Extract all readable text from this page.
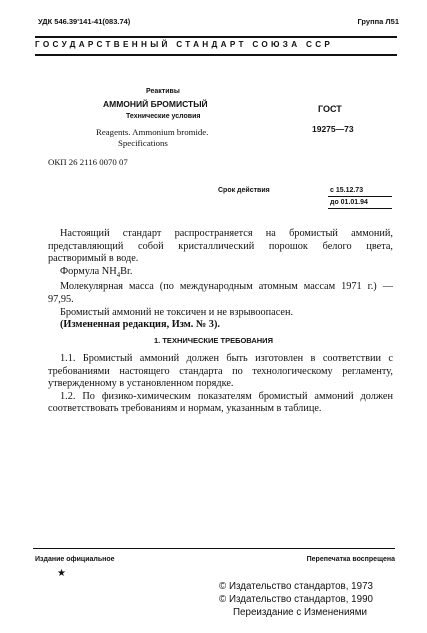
УДК 546.39'141-41(083.74)	Группа Л51
ГОСУДАРСТВЕННЫЙ СТАНДАРТ СОЮЗА ССР
Реактивы
АММОНИЙ БРОМИСТЫЙ
Технические условия
Reagents. Ammonium bromide.
Specifications
ГОСТ
19275—73
ОКП 26 2116 0070 07
Срок действия	с 15.12.73
до 01.01.94

Настоящий стандарт распространяется на бромистый аммоний, представляющий собой кристаллический порошок белого цвета, растворимый в воде.

Формула $NH_4Br$.

Молекулярная масса (по международным атомным массам 1971 г.) — 97,95.

Бромистый аммоний не токсичен и не взрывоопасен.

(Измененная редакция, Изм. № 3).

1. ТЕХНИЧЕСКИЕ ТРЕБОВАНИЯ

1.1. Бромистый аммоний должен быть изготовлен в соответствии с требованиями настоящего стандарта по технологическому регламенту, утвержденному в установленном порядке.

1.2. По физико-химическим показателям бромистый аммоний должен соответствовать требованиям и нормам, указанным в таблице.

Издание официальное	Перепечатка воспрещена
★
© Издательство стандартов, 1973
© Издательство стандартов, 1990
Переиздание с Изменениями
